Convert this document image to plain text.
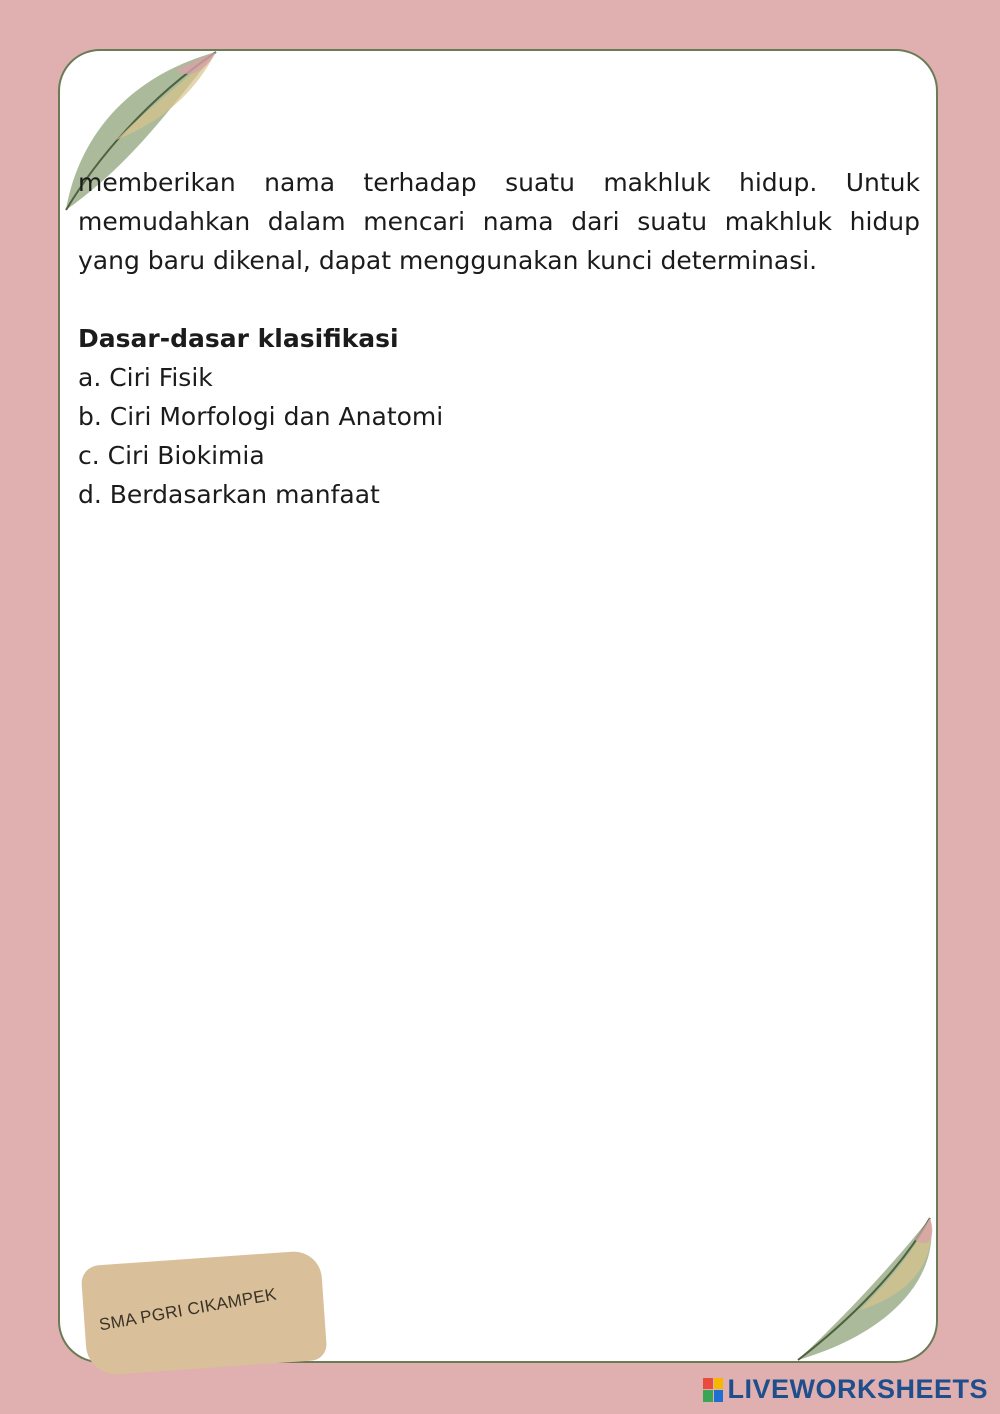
memberikan nama terhadap suatu makhluk hidup. Untuk memudahkan dalam mencari nama dari suatu makhluk hidup yang baru dikenal, dapat menggunakan kunci determinasi.

Dasar-dasar klasifikasi
a. Ciri Fisik
b. Ciri Morfologi dan Anatomi
c. Ciri Biokimia
d. Berdasarkan manfaat
SMA PGRI CIKAMPEK
LIVEWORKSHEETS
